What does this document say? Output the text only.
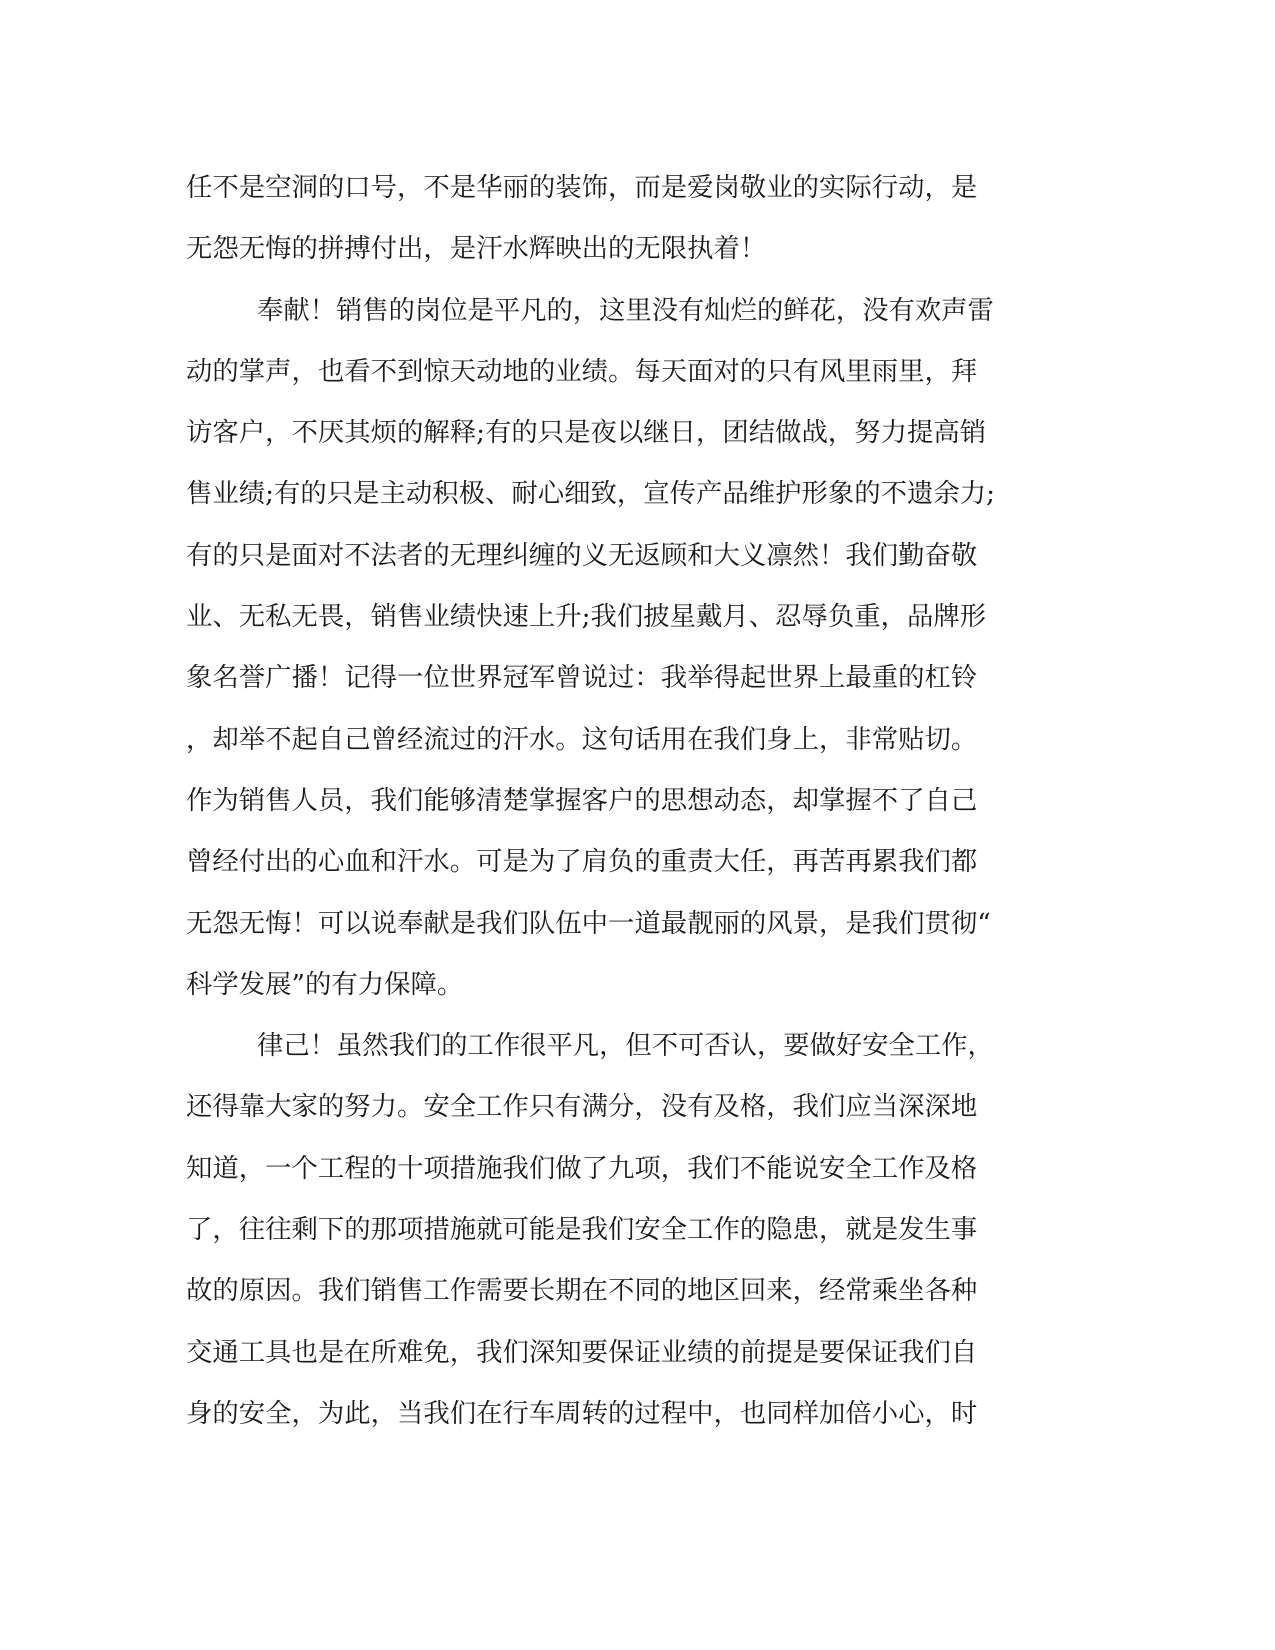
任不是空洞的口号，不是华丽的装饰，而是爱岗敬业的实际行动，是
无怨无悔的拼搏付出，是汗水辉映出的无限执着！
奉献！销售的岗位是平凡的，这里没有灿烂的鲜花，没有欢声雷
动的掌声，也看不到惊天动地的业绩。每天面对的只有风里雨里，拜
访客户，不厌其烦的解释;有的只是夜以继日，团结做战，努力提高销
售业绩;有的只是主动积极、耐心细致，宣传产品维护形象的不遗余力;
有的只是面对不法者的无理纠缠的义无返顾和大义凛然！我们勤奋敬
业、无私无畏，销售业绩快速上升;我们披星戴月、忍辱负重，品牌形
象名誉广播！记得一位世界冠军曾说过：我举得起世界上最重的杠铃
，却举不起自己曾经流过的汗水。这句话用在我们身上，非常贴切。
作为销售人员，我们能够清楚掌握客户的思想动态，却掌握不了自己
曾经付出的心血和汗水。可是为了肩负的重责大任，再苦再累我们都
无怨无悔！可以说奉献是我们队伍中一道最靓丽的风景，是我们贯彻“
科学发展”的有力保障。
律己！虽然我们的工作很平凡，但不可否认，要做好安全工作，
还得靠大家的努力。安全工作只有满分，没有及格，我们应当深深地
知道，一个工程的十项措施我们做了九项，我们不能说安全工作及格
了，往往剩下的那项措施就可能是我们安全工作的隐患，就是发生事
故的原因。我们销售工作需要长期在不同的地区回来，经常乘坐各种
交通工具也是在所难免，我们深知要保证业绩的前提是要保证我们自
身的安全，为此，当我们在行车周转的过程中，也同样加倍小心，时
